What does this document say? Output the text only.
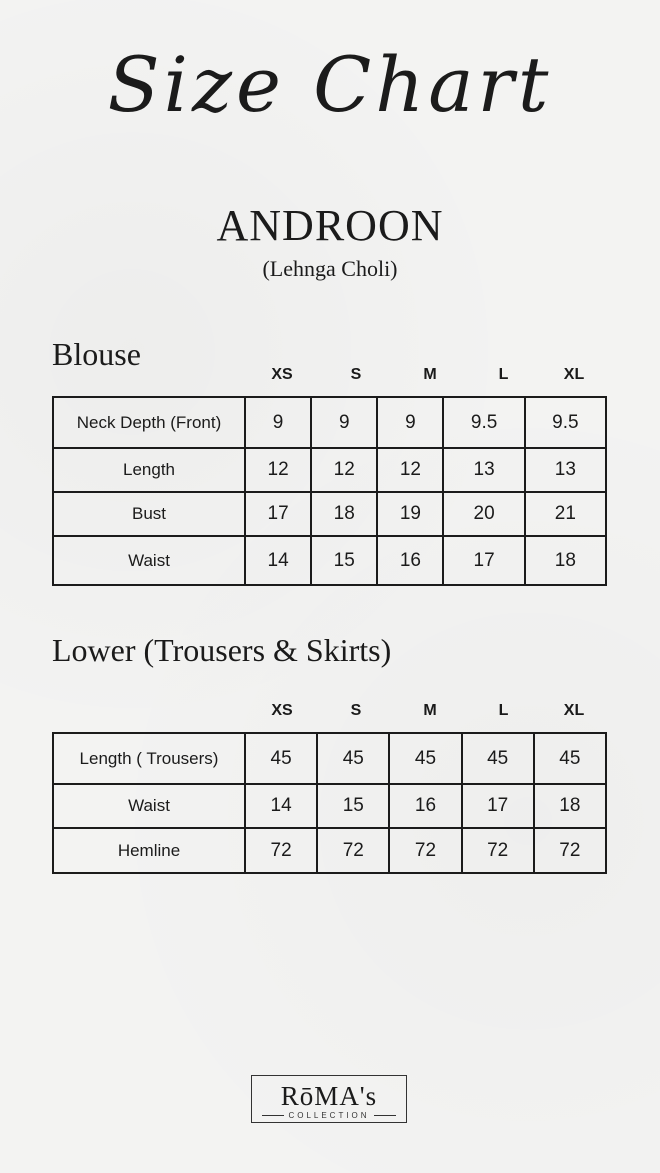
Size Chart
ANDROON
(Lehnga Choli)
Blouse
XS	S	M	L	XL
Neck Depth (Front)	9	9	9	9.5	9.5
Length	12	12	12	13	13
Bust	17	18	19	20	21
Waist	14	15	16	17	18
Lower (Trousers & Skirts)
XS	S	M	L	XL
Length ( Trousers)	45	45	45	45	45
Waist	14	15	16	17	18
Hemline	72	72	72	72	72
RōMA's
COLLECTION
